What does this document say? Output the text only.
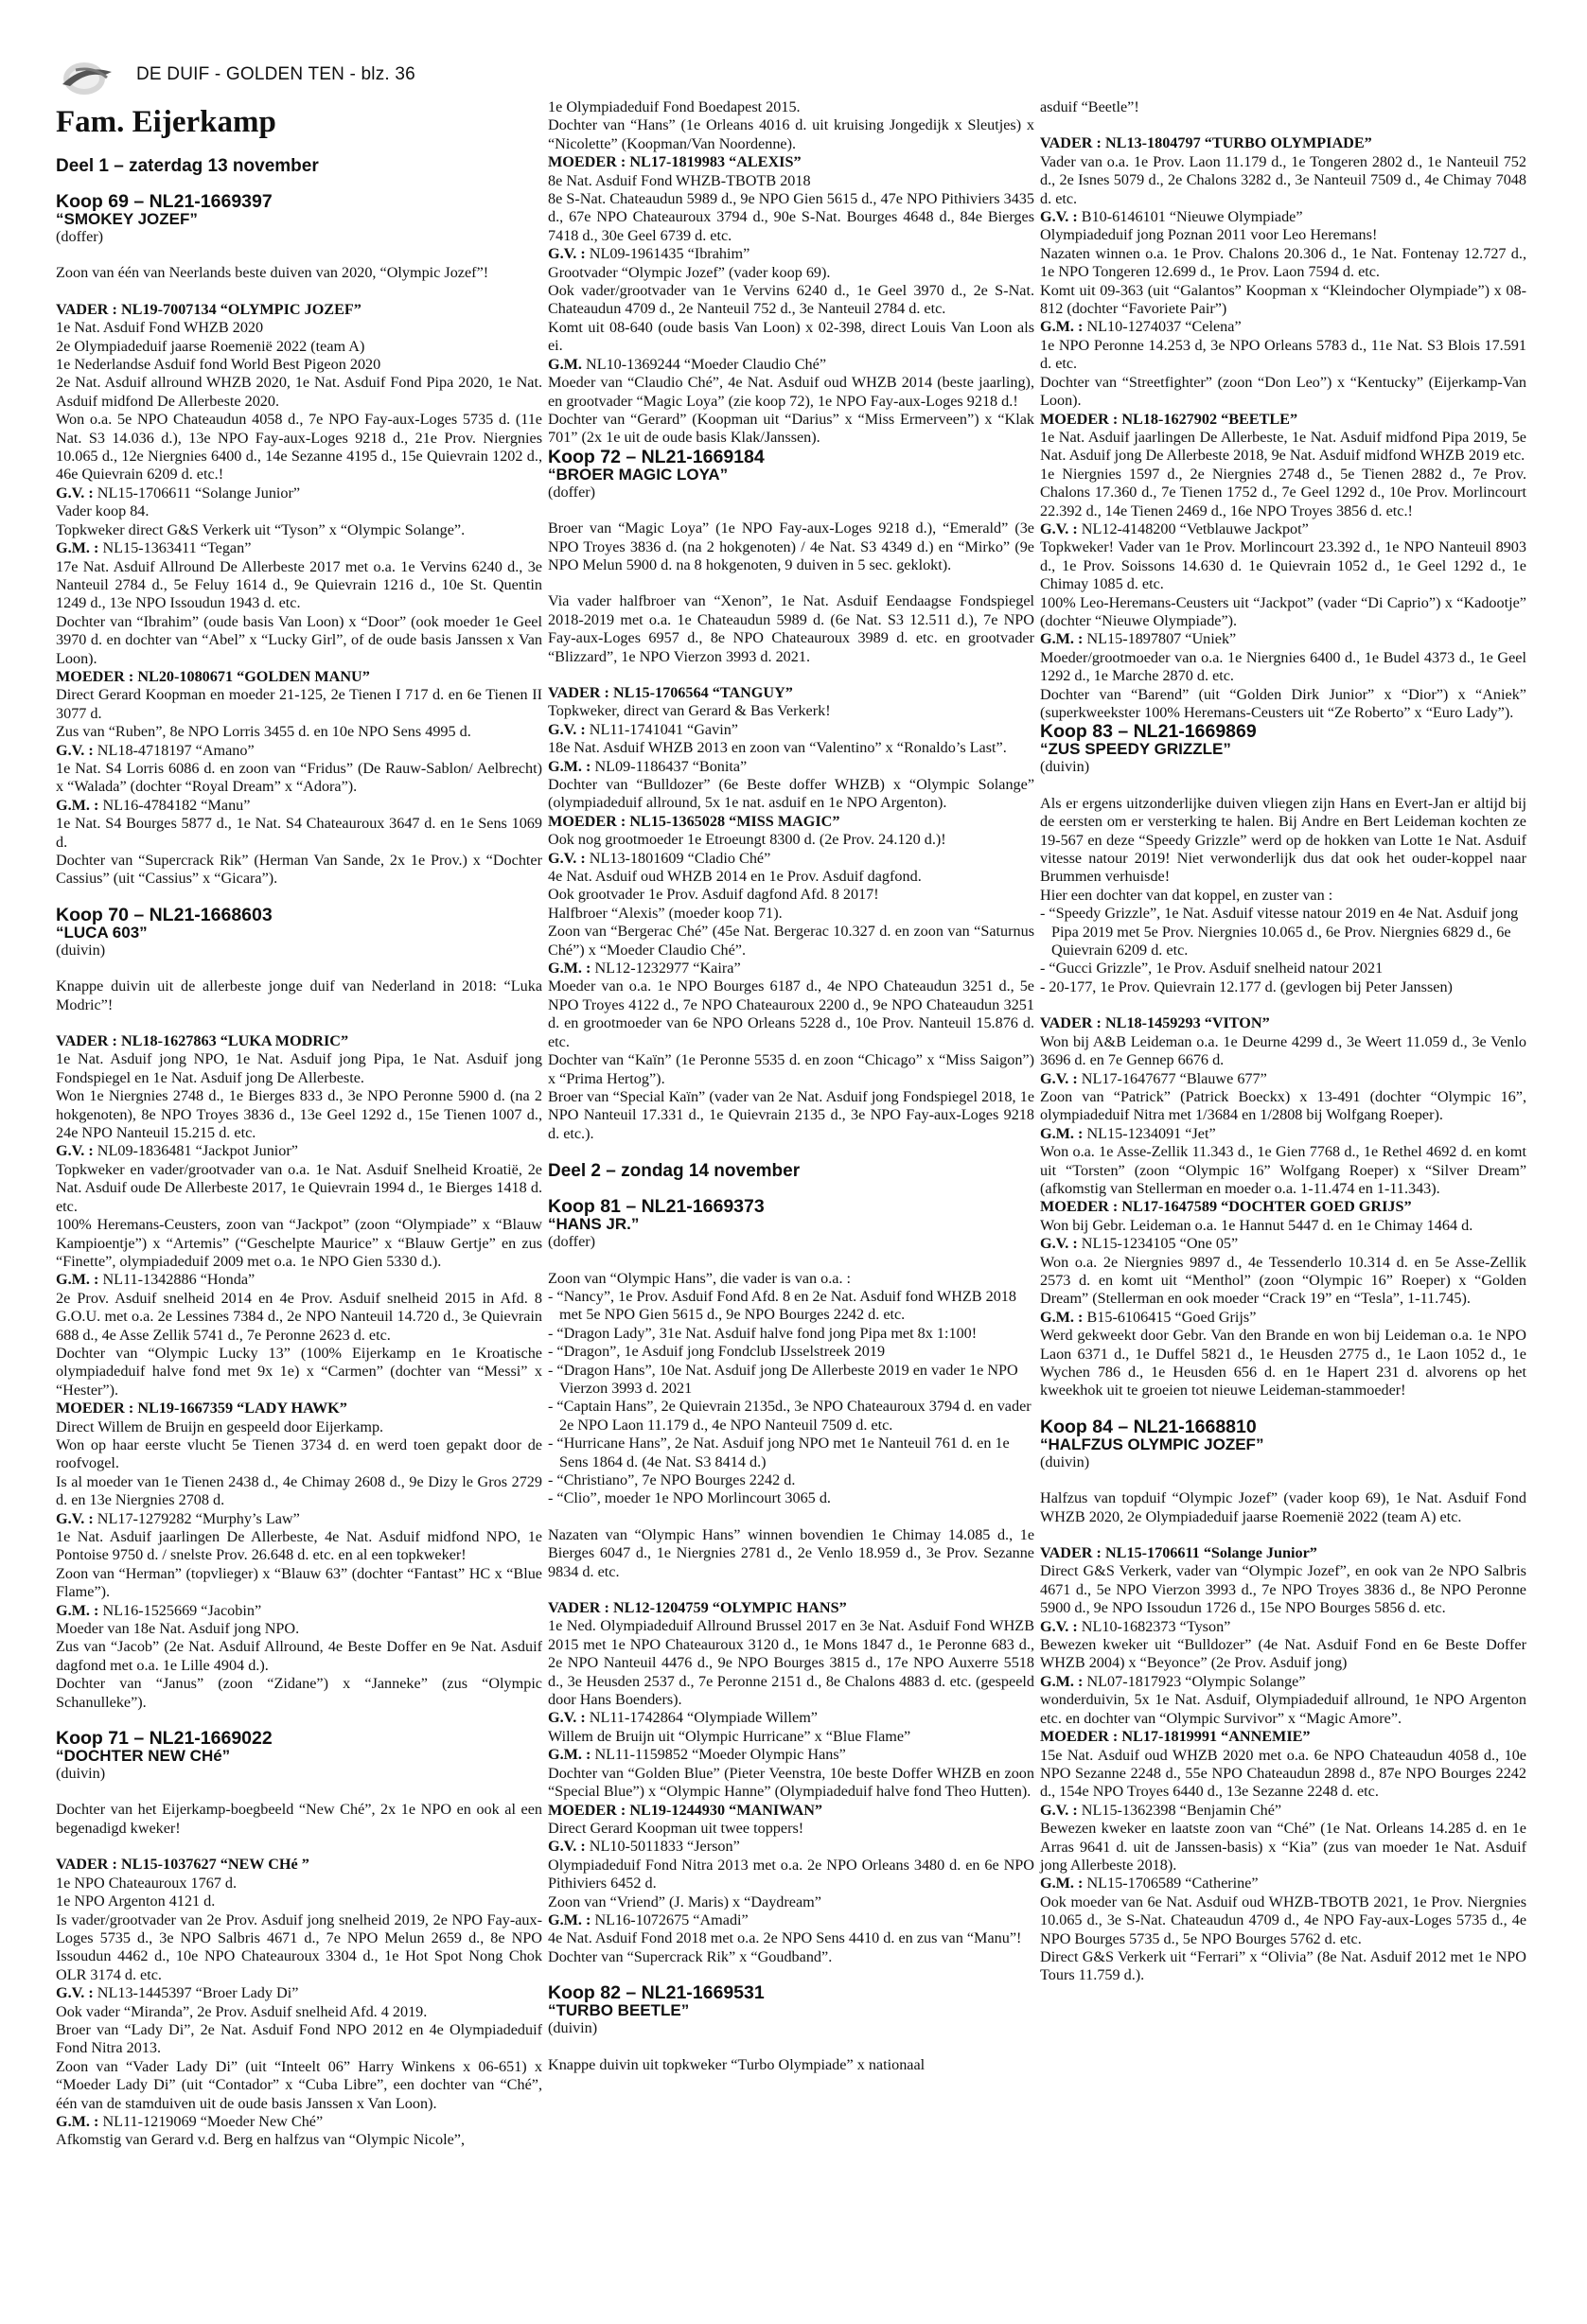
DE DUIF - GOLDEN TEN - blz. 36
Fam. Eijerkamp
Deel 1 – zaterdag 13 november
Koop 69 – NL21-1669397
“SMOKEY JOZEF”
(doffer)

Zoon van één van Neerlands beste duiven van 2020, “Olympic Jozef”!

VADER : NL19-7007134 “OLYMPIC JOZEF”

1e Nat. Asduif Fond WHZB 2020

2e Olympiadeduif jaarse Roemenië 2022 (team A)

1e Nederlandse Asduif fond World Best Pigeon 2020

2e Nat. Asduif allround WHZB 2020, 1e Nat. Asduif Fond Pipa 2020, 1e Nat. Asduif midfond De Allerbeste 2020.

Won o.a. 5e NPO Chateaudun 4058 d., 7e NPO Fay-aux-Loges 5735 d. (11e Nat. S3 14.036 d.), 13e NPO Fay-aux-Loges 9218 d., 21e Prov. Niergnies 10.065 d., 12e Niergnies 6400 d., 14e Sezanne 4195 d., 15e Quievrain 1202 d., 46e Quievrain 6209 d. etc.!

G.V. : NL15-1706611 “Solange Junior”

Vader koop 84.

Topkweker direct G&S Verkerk uit “Tyson” x “Olympic Solange”.

G.M. : NL15-1363411 “Tegan”

17e Nat. Asduif Allround De Allerbeste 2017 met o.a. 1e Vervins 6240 d., 3e Nanteuil 2784 d., 5e Feluy 1614 d., 9e Quievrain 1216 d., 10e St. Quentin 1249 d., 13e NPO Issoudun 1943 d. etc.

Dochter van “Ibrahim” (oude basis Van Loon) x “Door” (ook moeder 1e Geel 3970 d. en dochter van “Abel” x “Lucky Girl”, of de oude basis Janssen x Van Loon).

MOEDER : NL20-1080671 “GOLDEN MANU”

Direct Gerard Koopman en moeder 21-125, 2e Tienen I 717 d. en 6e Tienen II 3077 d.

Zus van “Ruben”, 8e NPO Lorris 3455 d. en 10e NPO Sens 4995 d.

G.V. : NL18-4718197 “Amano”

1e Nat. S4 Lorris 6086 d. en zoon van “Fridus” (De Rauw-Sablon/ Aelbrecht) x “Walada” (dochter “Royal Dream” x “Adora”).

G.M. : NL16-4784182 “Manu”

1e Nat. S4 Bourges 5877 d., 1e Nat. S4 Chateauroux 3647 d. en 1e Sens 1069 d.

Dochter van “Supercrack Rik” (Herman Van Sande, 2x 1e Prov.) x “Dochter Cassius” (uit “Cassius” x “Gicara”).

Koop 70 – NL21-1668603
“LUCA 603”
(duivin)

Knappe duivin uit de allerbeste jonge duif van Nederland in 2018: “Luka Modric”!

VADER : NL18-1627863 “LUKA MODRIC”

1e Nat. Asduif jong NPO, 1e Nat. Asduif jong Pipa, 1e Nat. Asduif jong Fondspiegel en 1e Nat. Asduif jong De Allerbeste.

Won 1e Niergnies 2748 d., 1e Bierges 833 d., 3e NPO Peronne 5900 d. (na 2 hokgenoten), 8e NPO Troyes 3836 d., 13e Geel 1292 d., 15e Tienen 1007 d., 24e NPO Nanteuil 15.215 d. etc.

G.V. : NL09-1836481 “Jackpot Junior”

Topkweker en vader/grootvader van o.a. 1e Nat. Asduif Snelheid Kroatië, 2e Nat. Asduif oude De Allerbeste 2017, 1e Quievrain 1994 d., 1e Bierges 1418 d. etc.

100% Heremans-Ceusters, zoon van “Jackpot” (zoon “Olympiade” x “Blauw Kampioentje”) x “Artemis” (“Geschelpte Maurice” x “Blauw Gertje” en zus “Finette”, olympiadeduif 2009 met o.a. 1e NPO Gien 5330 d.).

G.M. : NL11-1342886 “Honda”

2e Prov. Asduif snelheid 2014 en 4e Prov. Asduif snelheid 2015 in Afd. 8 G.O.U. met o.a. 2e Lessines 7384 d., 2e NPO Nanteuil 14.720 d., 3e Quievrain 688 d., 4e Asse Zellik 5741 d., 7e Peronne 2623 d. etc.

Dochter van “Olympic Lucky 13” (100% Eijerkamp en 1e Kroatische olympiadeduif halve fond met 9x 1e) x “Carmen” (dochter van “Messi” x “Hester”).

MOEDER : NL19-1667359 “LADY HAWK”

Direct Willem de Bruijn en gespeeld door Eijerkamp.

Won op haar eerste vlucht 5e Tienen 3734 d. en werd toen gepakt door de roofvogel.

Is al moeder van 1e Tienen 2438 d., 4e Chimay 2608 d., 9e Dizy le Gros 2729 d. en 13e Niergnies 2708 d.

G.V. : NL17-1279282 “Murphy’s Law”

1e Nat. Asduif jaarlingen De Allerbeste, 4e Nat. Asduif midfond NPO, 1e Pontoise 9750 d. / snelste Prov. 26.648 d. etc. en al een topkweker!

Zoon van “Herman” (topvlieger) x “Blauw 63” (dochter “Fantast” HC x “Blue Flame”).

G.M. : NL16-1525669 “Jacobin”

Moeder van 18e Nat. Asduif jong NPO.

Zus van “Jacob” (2e Nat. Asduif Allround, 4e Beste Doffer en 9e Nat. Asduif dagfond met o.a. 1e Lille 4904 d.).

Dochter van “Janus” (zoon “Zidane”) x “Janneke” (zus “Olympic Schanulleke”).

Koop 71 – NL21-1669022
“DOCHTER NEW CHé”
(duivin)

Dochter van het Eijerkamp-boegbeeld “New Ché”, 2x 1e NPO en ook al een begenadigd kweker!

VADER : NL15-1037627 “NEW CHé ”

1e NPO Chateauroux 1767 d.

1e NPO Argenton 4121 d.

Is vader/grootvader van 2e Prov. Asduif jong snelheid 2019, 2e NPO Fay-aux-Loges 5735 d., 3e NPO Salbris 4671 d., 7e NPO Melun 2659 d., 8e NPO Issoudun 4462 d., 10e NPO Chateauroux 3304 d., 1e Hot Spot Nong Chok OLR 3174 d. etc.

G.V. : NL13-1445397 “Broer Lady Di”

Ook vader “Miranda”, 2e Prov. Asduif snelheid Afd. 4 2019.

Broer van “Lady Di”, 2e Nat. Asduif Fond NPO 2012 en 4e Olympiadeduif Fond Nitra 2013.

Zoon van “Vader Lady Di” (uit “Inteelt 06” Harry Winkens x 06-651) x “Moeder Lady Di” (uit “Contador” x “Cuba Libre”, een dochter van “Ché”, één van de stamduiven uit de oude basis Janssen x Van Loon).

G.M. : NL11-1219069 “Moeder New Ché”

Afkomstig van Gerard v.d. Berg en halfzus van “Olympic Nicole”,

1e Olympiadeduif Fond Boedapest 2015.

Dochter van “Hans” (1e Orleans 4016 d. uit kruising Jongedijk x Sleutjes) x “Nicolette” (Koopman/Van Noordenne).

MOEDER : NL17-1819983 “ALEXIS”

8e Nat. Asduif Fond WHZB-TBOTB 2018

8e S-Nat. Chateaudun 5989 d., 9e NPO Gien 5615 d., 47e NPO Pithiviers 3435 d., 67e NPO Chateauroux 3794 d., 90e S-Nat. Bourges 4648 d., 84e Bierges 7418 d., 30e Geel 6739 d. etc.

G.V. : NL09-1961435 “Ibrahim”

Grootvader “Olympic Jozef” (vader koop 69).

Ook vader/grootvader van 1e Vervins 6240 d., 1e Geel 3970 d., 2e S-Nat. Chateaudun 4709 d., 2e Nanteuil 752 d., 3e Nanteuil 2784 d. etc.

Komt uit 08-640 (oude basis Van Loon) x 02-398, direct Louis Van Loon als ei.

G.M. NL10-1369244 “Moeder Claudio Ché”

Moeder van “Claudio Ché”, 4e Nat. Asduif oud WHZB 2014 (beste jaarling), en grootvader “Magic Loya” (zie koop 72), 1e NPO Fay-aux-Loges 9218 d.!

Dochter van “Gerard” (Koopman uit “Darius” x “Miss Ermerveen”) x “Klak 701” (2x 1e uit de oude basis Klak/Janssen).

Koop 72 – NL21-1669184
“BROER MAGIC LOYA”
(doffer)

Broer van “Magic Loya” (1e NPO Fay-aux-Loges 9218 d.), “Emerald” (3e NPO Troyes 3836 d. (na 2 hokgenoten) / 4e Nat. S3 4349 d.) en “Mirko” (9e NPO Melun 5900 d. na 8 hokgenoten, 9 duiven in 5 sec. geklokt).

Via vader halfbroer van “Xenon”, 1e Nat. Asduif Eendaagse Fondspiegel 2018-2019 met o.a. 1e Chateaudun 5989 d. (6e Nat. S3 12.511 d.), 7e NPO Fay-aux-Loges 6957 d., 8e NPO Chateauroux 3989 d. etc. en grootvader “Blizzard”, 1e NPO Vierzon 3993 d. 2021.

VADER : NL15-1706564 “TANGUY”

Topkweker, direct van Gerard & Bas Verkerk!

G.V. : NL11-1741041 “Gavin”

18e Nat. Asduif WHZB 2013 en zoon van “Valentino” x “Ronaldo’s Last”.

G.M. : NL09-1186437 “Bonita”

Dochter van “Bulldozer” (6e Beste doffer WHZB) x “Olympic Solange” (olympiadeduif allround, 5x 1e nat. asduif en 1e NPO Argenton).

MOEDER : NL15-1365028 “MISS MAGIC”

Ook nog grootmoeder 1e Etroeungt 8300 d. (2e Prov. 24.120 d.)!

G.V. : NL13-1801609 “Cladio Ché”

4e Nat. Asduif oud WHZB 2014 en 1e Prov. Asduif dagfond.

Ook grootvader 1e Prov. Asduif dagfond Afd. 8 2017!

Halfbroer “Alexis” (moeder koop 71).

Zoon van “Bergerac Ché” (45e Nat. Bergerac 10.327 d. en zoon van “Saturnus Ché”) x “Moeder Claudio Ché”.

G.M. : NL12-1232977 “Kaira”

Moeder van o.a. 1e NPO Bourges 6187 d., 4e NPO Chateaudun 3251 d., 5e NPO Troyes 4122 d., 7e NPO Chateauroux 2200 d., 9e NPO Chateaudun 3251 d. en grootmoeder van 6e NPO Orleans 5228 d., 10e Prov. Nanteuil 15.876 d. etc.

Dochter van “Kaïn” (1e Peronne 5535 d. en zoon “Chicago” x “Miss Saigon”) x “Prima Hertog”).

Broer van “Special Kaïn” (vader van 2e Nat. Asduif jong Fondspiegel 2018, 1e NPO Nanteuil 17.331 d., 1e Quievrain 2135 d., 3e NPO Fay-aux-Loges 9218 d. etc.).

Deel 2 – zondag 14 november
Koop 81 – NL21-1669373
“HANS JR.”
(doffer)

Zoon van “Olympic Hans”, die vader is van o.a. :

- “Nancy”, 1e Prov. Asduif Fond Afd. 8 en 2e Nat. Asduif fond WHZB 2018 met 5e NPO Gien 5615 d., 9e NPO Bourges 2242 d. etc.

- “Dragon Lady”, 31e Nat. Asduif halve fond jong Pipa met 8x 1:100!

- “Dragon”, 1e Asduif jong Fondclub IJsselstreek 2019

- “Dragon Hans”, 10e Nat. Asduif jong De Allerbeste 2019 en vader 1e NPO Vierzon 3993 d. 2021

- “Captain Hans”, 2e Quievrain 2135d., 3e NPO Chateauroux 3794 d. en vader 2e NPO Laon 11.179 d., 4e NPO Nanteuil 7509 d. etc.

- “Hurricane Hans”, 2e Nat. Asduif jong NPO met 1e Nanteuil 761 d. en 1e Sens 1864 d. (4e Nat. S3 8414 d.)

- “Christiano”, 7e NPO Bourges 2242 d.

- “Clio”, moeder 1e NPO Morlincourt 3065 d.

Nazaten van “Olympic Hans” winnen bovendien 1e Chimay 14.085 d., 1e Bierges 6047 d., 1e Niergnies 2781 d., 2e Venlo 18.959 d., 3e Prov. Sezanne 9834 d. etc.

VADER : NL12-1204759 “OLYMPIC HANS”

1e Ned. Olympiadeduif Allround Brussel 2017 en 3e Nat. Asduif Fond WHZB 2015 met 1e NPO Chateauroux 3120 d., 1e Mons 1847 d., 1e Peronne 683 d., 2e NPO Nanteuil 4476 d., 9e NPO Bourges 3815 d., 17e NPO Auxerre 5518 d., 3e Heusden 2537 d., 7e Peronne 2151 d., 8e Chalons 4883 d. etc. (gespeeld door Hans Boenders).

G.V. : NL11-1742864 “Olympiade Willem”

Willem de Bruijn uit “Olympic Hurricane” x “Blue Flame”

G.M. : NL11-1159852 “Moeder Olympic Hans”

Dochter van “Golden Blue” (Pieter Veenstra, 10e beste Doffer WHZB en zoon “Special Blue”) x “Olympic Hanne” (Olympiadeduif halve fond Theo Hutten).

MOEDER : NL19-1244930 “MANIWAN”

Direct Gerard Koopman uit twee toppers!

G.V. : NL10-5011833 “Jerson”

Olympiadeduif Fond Nitra 2013 met o.a. 2e NPO Orleans 3480 d. en 6e NPO Pithiviers 6452 d.

Zoon van “Vriend” (J. Maris) x “Daydream”

G.M. : NL16-1072675 “Amadi”

4e Nat. Asduif Fond 2018 met o.a. 2e NPO Sens 4410 d. en zus van “Manu”!

Dochter van “Supercrack Rik” x “Goudband”.

Koop 82 – NL21-1669531
“TURBO BEETLE”
(duivin)

Knappe duivin uit topkweker “Turbo Olympiade” x nationaal

asduif “Beetle”!

VADER : NL13-1804797 “TURBO OLYMPIADE”

Vader van o.a. 1e Prov. Laon 11.179 d., 1e Tongeren 2802 d., 1e Nanteuil 752 d., 2e Isnes 5079 d., 2e Chalons 3282 d., 3e Nanteuil 7509 d., 4e Chimay 7048 d. etc.

G.V. : B10-6146101 “Nieuwe Olympiade”

Olympiadeduif jong Poznan 2011 voor Leo Heremans!

Nazaten winnen o.a. 1e Prov. Chalons 20.306 d., 1e Nat. Fontenay 12.727 d., 1e NPO Tongeren 12.699 d., 1e Prov. Laon 7594 d. etc.

Komt uit 09-363 (uit “Galantos” Koopman x “Kleindocher Olympiade”) x 08-812 (dochter “Favoriete Pair”)

G.M. : NL10-1274037 “Celena”

1e NPO Peronne 14.253 d, 3e NPO Orleans 5783 d., 11e Nat. S3 Blois 17.591 d. etc.

Dochter van “Streetfighter” (zoon “Don Leo”) x “Kentucky” (Eijerkamp-Van Loon).

MOEDER : NL18-1627902 “BEETLE”

1e Nat. Asduif jaarlingen De Allerbeste, 1e Nat. Asduif midfond Pipa 2019, 5e Nat. Asduif jong De Allerbeste 2018, 9e Nat. Asduif midfond WHZB 2019 etc.

1e Niergnies 1597 d., 2e Niergnies 2748 d., 5e Tienen 2882 d., 7e Prov. Chalons 17.360 d., 7e Tienen 1752 d., 7e Geel 1292 d., 10e Prov. Morlincourt 22.392 d., 14e Tienen 2469 d., 16e NPO Troyes 3856 d. etc.!

G.V. : NL12-4148200 “Vetblauwe Jackpot”

Topkweker! Vader van 1e Prov. Morlincourt 23.392 d., 1e NPO Nanteuil 8903 d., 1e Prov. Soissons 14.630 d. 1e Quievrain 1052 d., 1e Geel 1292 d., 1e Chimay 1085 d. etc.

100% Leo-Heremans-Ceusters uit “Jackpot” (vader “Di Caprio”) x “Kadootje” (dochter “Nieuwe Olympiade”).

G.M. : NL15-1897807 “Uniek”

Moeder/grootmoeder van o.a. 1e Niergnies 6400 d., 1e Budel 4373 d., 1e Geel 1292 d., 1e Marche 2870 d. etc.

Dochter van “Barend” (uit “Golden Dirk Junior” x “Dior”) x “Aniek” (superkweekster 100% Heremans-Ceusters uit “Ze Roberto” x “Euro Lady”).

Koop 83 – NL21-1669869
“ZUS SPEEDY GRIZZLE”
(duivin)

Als er ergens uitzonderlijke duiven vliegen zijn Hans en Evert-Jan er altijd bij de eersten om er versterking te halen. Bij Andre en Bert Leideman kochten ze 19-567 en deze “Speedy Grizzle” werd op de hokken van Lotte 1e Nat. Asduif vitesse natour 2019! Niet verwonderlijk dus dat ook het ouder-koppel naar Brummen verhuisde!

Hier een dochter van dat koppel, en zuster van :

- “Speedy Grizzle”, 1e Nat. Asduif vitesse natour 2019 en 4e Nat. Asduif jong Pipa 2019 met 5e Prov. Niergnies 10.065 d., 6e Prov. Niergnies 6829 d., 6e Quievrain 6209 d. etc.

- “Gucci Grizzle”, 1e Prov. Asduif snelheid natour 2021

- 20-177, 1e Prov. Quievrain 12.177 d. (gevlogen bij Peter Janssen)

VADER : NL18-1459293 “VITON”

Won bij A&B Leideman o.a. 1e Deurne 4299 d., 3e Weert 11.059 d., 3e Venlo 3696 d. en 7e Gennep 6676 d.

G.V. : NL17-1647677 “Blauwe 677”

Zoon van “Patrick” (Patrick Boeckx) x 13-491 (dochter “Olympic 16”, olympiadeduif Nitra met 1/3684 en 1/2808 bij Wolfgang Roeper).

G.M. : NL15-1234091 “Jet”

Won o.a. 1e Asse-Zellik 11.343 d., 1e Gien 7768 d., 1e Rethel 4692 d. en komt uit “Torsten” (zoon “Olympic 16” Wolfgang Roeper) x “Silver Dream” (afkomstig van Stellerman en moeder o.a. 1-11.474 en 1-11.343).

MOEDER : NL17-1647589 “DOCHTER GOED GRIJS”

Won bij Gebr. Leideman o.a. 1e Hannut 5447 d. en 1e Chimay 1464 d.

G.V. : NL15-1234105 “One 05”

Won o.a. 2e Niergnies 9897 d., 4e Tessenderlo 10.314 d. en 5e Asse-Zellik 2573 d. en komt uit “Menthol” (zoon “Olympic 16” Roeper) x “Golden Dream” (Stellerman en ook moeder “Crack 19” en “Tesla”, 1-11.745).

G.M. : B15-6106415 “Goed Grijs”

Werd gekweekt door Gebr. Van den Brande en won bij Leideman o.a. 1e NPO Laon 6371 d., 1e Duffel 5821 d., 1e Heusden 2775 d., 1e Laon 1052 d., 1e Wychen 786 d., 1e Heusden 656 d. en 1e Hapert 231 d. alvorens op het kweekhok uit te groeien tot nieuwe Leideman-stammoeder!

Koop 84 – NL21-1668810
“HALFZUS OLYMPIC JOZEF”
(duivin)

Halfzus van topduif “Olympic Jozef” (vader koop 69), 1e Nat. Asduif Fond WHZB 2020, 2e Olympiadeduif jaarse Roemenië 2022 (team A) etc.

VADER : NL15-1706611 “Solange Junior”

Direct G&S Verkerk, vader van “Olympic Jozef”, en ook van 2e NPO Salbris 4671 d., 5e NPO Vierzon 3993 d., 7e NPO Troyes 3836 d., 8e NPO Peronne 5900 d., 9e NPO Issoudun 1726 d., 15e NPO Bourges 5856 d. etc.

G.V. : NL10-1682373 “Tyson”

Bewezen kweker uit “Bulldozer” (4e Nat. Asduif Fond en 6e Beste Doffer WHZB 2004) x “Beyonce” (2e Prov. Asduif jong)

G.M. : NL07-1817923 “Olympic Solange”

wonderduivin, 5x 1e Nat. Asduif, Olympiadeduif allround, 1e NPO Argenton etc. en dochter van “Olympic Survivor” x “Magic Amore”.

MOEDER : NL17-1819991 “ANNEMIE”

15e Nat. Asduif oud WHZB 2020 met o.a. 6e NPO Chateaudun 4058 d., 10e NPO Sezanne 2248 d., 55e NPO Chateaudun 2898 d., 87e NPO Bourges 2242 d., 154e NPO Troyes 6440 d., 13e Sezanne 2248 d. etc.

G.V. : NL15-1362398 “Benjamin Ché”

Bewezen kweker en laatste zoon van “Ché” (1e Nat. Orleans 14.285 d. en 1e Arras 9641 d. uit de Janssen-basis) x “Kia” (zus van moeder 1e Nat. Asduif jong Allerbeste 2018).

G.M. : NL15-1706589 “Catherine”

Ook moeder van 6e Nat. Asduif oud WHZB-TBOTB 2021, 1e Prov. Niergnies 10.065 d., 3e S-Nat. Chateaudun 4709 d., 4e NPO Fay-aux-Loges 5735 d., 4e NPO Bourges 5735 d., 5e NPO Bourges 5762 d. etc.

Direct G&S Verkerk uit “Ferrari” x “Olivia” (8e Nat. Asduif 2012 met 1e NPO Tours 11.759 d.).
